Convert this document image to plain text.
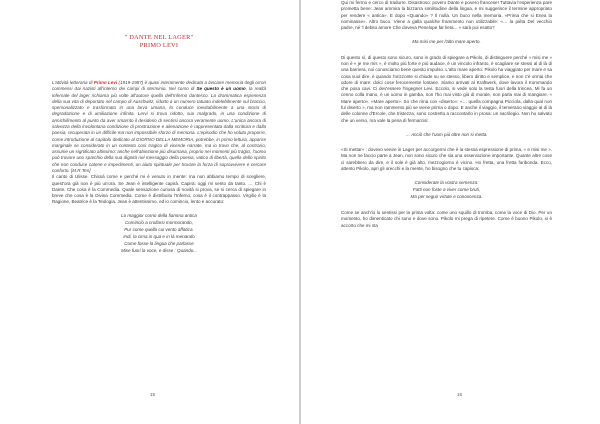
" DANTE NEL LAGER"
PRIMO LEVI
L'attività letteraria di Primo Levi (1919-1987) è quasi interamente dedicata a lasciare memoria degli orrori commessi dai nazisti all'interno dei campi di sterminio. Nel corso di Se questo è un uomo, la realtà infernale del lager richiama più volte all'autore quella dell'Inferno dantesco. La drammatica esperienza della sua vita di deportato nel campo di Auschwitz, ridotto a un numero tatuato indelebilmente sul braccio, spersonalizzato e trasformato in una larva umana, lo conduce inevitabilmente a una storia di degradazione e di umiliazione infinita. Lervi si trova ridotto, suo malgrado, in una condizione di annichilimento al punto da aver smarrito il desiderio di sentirsi ancora veramente uomo. L'unica ancora di salvezza della involontaria condizione di prostrazione e alienazione è rappresentata dalla scrittura e dalla poesia, recuperata in un difficile ma non impossibile sforzo di memoria. L'episodio che ho voluto proporre, come introduzione al capitolo dedicato al GIORNO DELLA MEMORIA, potrebbe, in primo lettura, apparire marginale se considerato in un contesto così tragico di vicende narrate, ma io trovo che, al contrario, assume un significato altissimo: anche nell'abiezione più disumana, proprio nei momenti più tragici, l'uomo può trovare uno sparchio della sua dignità nel messaggio della poesia, vatico di libertà, quella dello spirito che non conduce catene e impedimenti, un aiuto spirituale per trovare la forza di sopravvivere e cercare conforto. [M.R.Ten]

Il canto di Ulisse. Chissà come e perché mi è venuto in mente: ma non abbiamo tempo di scegliere, quest'ora già non è più un'ora. Se Jean è intelligente capirà. Capirà: oggi mi sento da tanto. … Chi è Dante. Che cosa è la Commedia. Quale sensazione curiosa di novità si prova, se si cerca di spiegare in breve che cosa è la Divina Commedia. Come è distribuito l'Inferno, cosa è il contrappasso. Virgilio è la Ragione, Beatrice è la Teologia. Jean è attentissimo, ed io comincio, lento e accurato:

Lo maggior corno della fiamma antica
Cominciò a crollarsi mormorando,
Pur come quella cui vento affatica.
Indi, la cima in qua e in là menando
Come fosse la lingua che parlasse
Mise fuori la voce, e disse : Quando...
15

Qui mi fermo e cerco di tradurre. Disastroso: povero Dante e povero francese! Tuttavia l'esperienza pare prometta bene: Jean ammira la bizzarra similitudine della lingua, e mi suggerisce il termine appropriato per rendere « antica». E dopo «Quando» ? Il nulla. Un buco nella memoria. «Prima che si Enea la nominasse». Altro buco. Viene a galla qualche frammento non utilizzabile: «… la pièta Del vecchio padre, né ’l debito amore Che doveva Penelope far lieta... » sarà poi esatto?

Ma misi me per l'alto mare aperto.

Di questo sì, di questo sono sicuro, sono in grado di spiegare a Pikolo, di distinguere perché « misi me » non è « je me mis », è molto più forte e più audace, è un vincolo infranto, è scagliare se stessi al di là di una barriera, noi conosciamo bene questo impulso. L'alto mare aperto: Pikolo ha viaggiato per mare e sa cosa vuol dire, è quando l'orizzonte si chiude su se stesso, libero diritto e semplice, e non c'è ormai che odore di mare: dolci cose ferocemente lontane. Siamo arrivati al Kraftwerk, dove lavora il Kommando che posa cavi. Ci dev'essere l'ingegner Levi. Eccolo, si vede solo la testa fuori della trincea. Mi fa un cenno colla mano, è un uomo in gamba, non l'ho mai visto giù di morale, non parla mai di mangiare. « Mare aperto». «Mare aperto». So che rima con «diserto»: «… quella compagna Picciola, dalla qual non fui diserto », ma non rammento più se viene prima o dopo. E anche il viaggio, il temerario viaggio al di là delle colonne d'Ercole, che tristezza, sono costretto a raccontarlo in prosa: un sacrilegio. Non ho salvato che un verso, ma vale la pena di fermarcisi:

… Acciò che l'uom più oltre non si metta.

«Si mettar» : dovevo venire in Lager per accorgermi che è la stessa espressione di prima, « e misi me ». Ma non ne faccio parte a Jean, non sono sicuro che sia una osservazione importante. Quante altre cose ci sarebbero da dire, e il sole è già alto, mezzogiorno è vicino. Ho fretta, una fretta furibonda. Ecco, attento Pikolo, apri gli orecchi e la mente, ho bisogno che tu capisca:

Considerate la vostra semenza:
Fatti non foste a viver come bruti,
Ma per seguir virtute e conoscenza.

Come se anch'io lo sentissi per la prima volta: come uno squillo di tromba, come la voce di Dio. Per un momento, ho dimenticato chi sono e dove sono. Pikolo mi prega di ripetere. Come è buono Pikolo, si è accorto che mi sta

16
